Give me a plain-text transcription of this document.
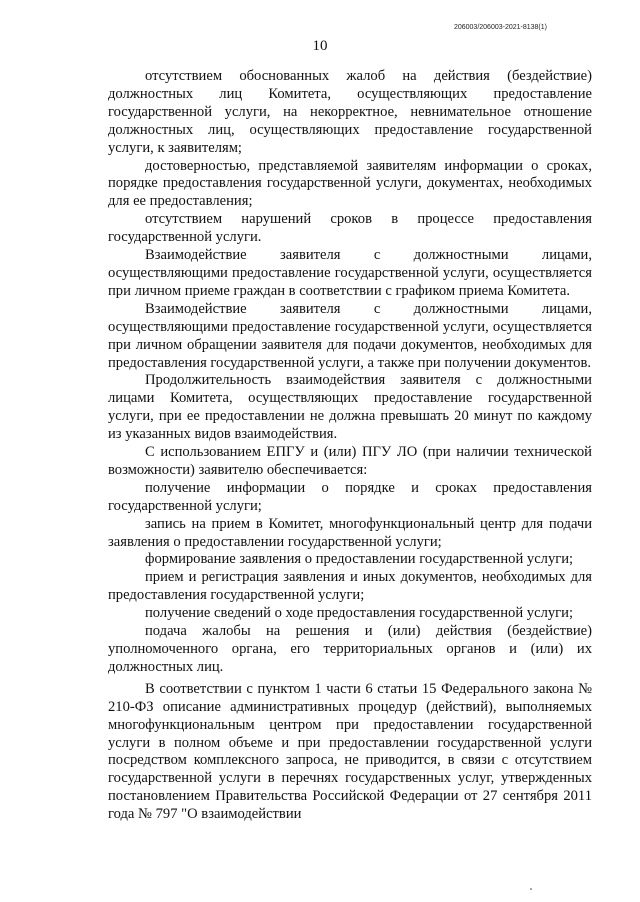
206003/206003-2021-8138(1)
10

отсутствием обоснованных жалоб на действия (бездействие) должностных лиц Комитета, осуществляющих предоставление государственной услуги, на некорректное, невнимательное отношение должностных лиц, осуществляющих предоставление государственной услуги, к заявителям;

достоверностью, представляемой заявителям информации о сроках, порядке предоставления государственной услуги, документах, необходимых для ее предоставления;

отсутствием нарушений сроков в процессе предоставления государственной услуги.

Взаимодействие заявителя с должностными лицами, осуществляющими предоставление государственной услуги, осуществляется при личном приеме граждан в соответствии с графиком приема Комитета.

Взаимодействие заявителя с должностными лицами, осуществляющими предоставление государственной услуги, осуществляется при личном обращении заявителя для подачи документов, необходимых для предоставления государственной услуги, а также при получении документов.

Продолжительность взаимодействия заявителя с должностными лицами Комитета, осуществляющих предоставление государственной услуги, при ее предоставлении не должна превышать 20 минут по каждому из указанных видов взаимодействия.

С использованием ЕПГУ и (или) ПГУ ЛО (при наличии технической возможности) заявителю обеспечивается:

получение информации о порядке и сроках предоставления государственной услуги;

запись на прием в Комитет, многофункциональный центр для подачи заявления о предоставлении государственной услуги;

формирование заявления о предоставлении государственной услуги;

прием и регистрация заявления и иных документов, необходимых для предоставления государственной услуги;

получение сведений о ходе предоставления государственной услуги;

подача жалобы на решения и (или) действия (бездействие) уполномоченного органа, его территориальных органов и (или) их должностных лиц.

В соответствии с пунктом 1 части 6 статьи 15 Федерального закона № 210-ФЗ описание административных процедур (действий), выполняемых многофункциональным центром при предоставлении государственной услуги в полном объеме и при предоставлении государственной услуги посредством комплексного запроса, не приводится, в связи с отсутствием государственной услуги в перечнях государственных услуг, утвержденных постановлением Правительства Российской Федерации от 27 сентября 2011 года № 797 "О взаимодействии
